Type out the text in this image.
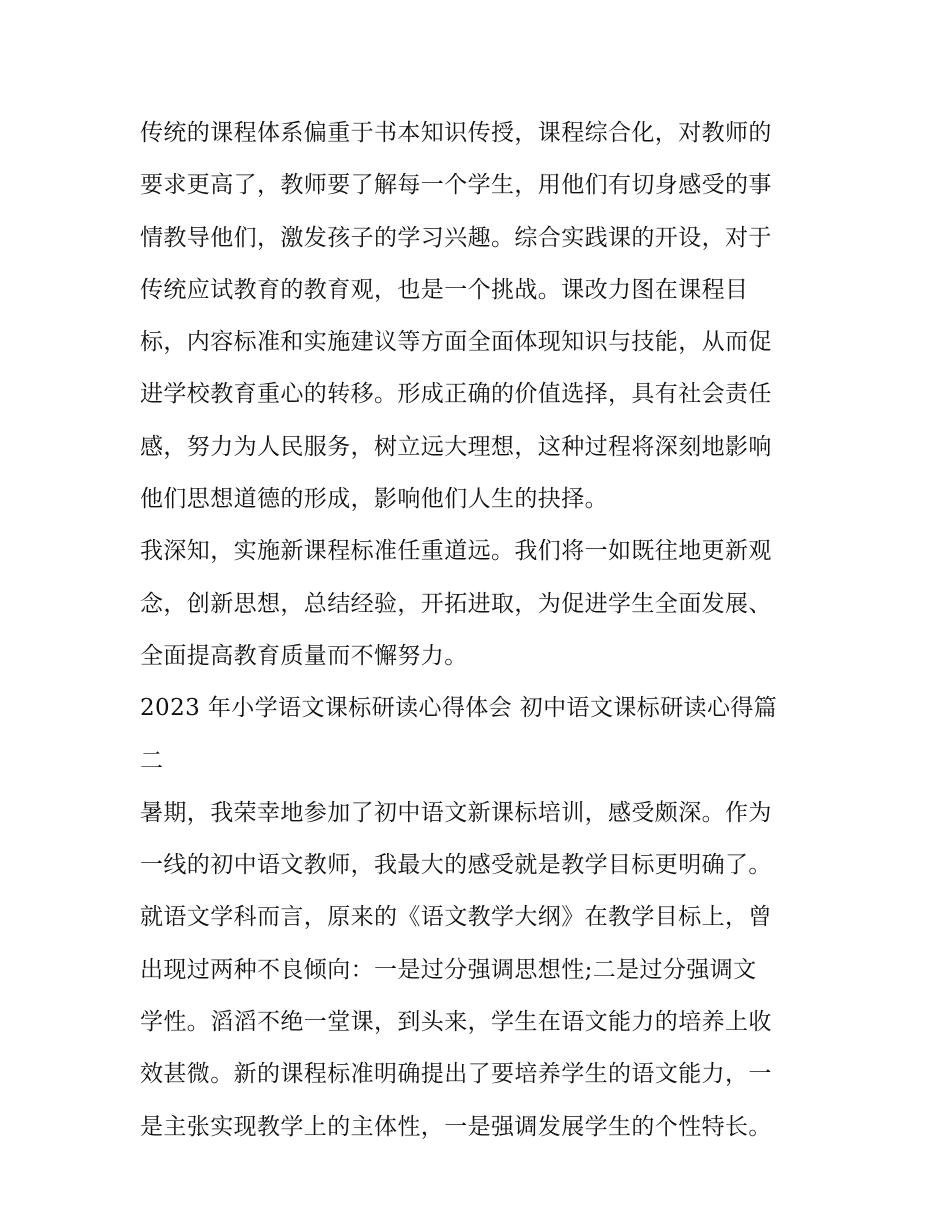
传统的课程体系偏重于书本知识传授，课程综合化，对教师的
要求更高了，教师要了解每一个学生，用他们有切身感受的事
情教导他们，激发孩子的学习兴趣。综合实践课的开设，对于
传统应试教育的教育观，也是一个挑战。课改力图在课程目
标，内容标准和实施建议等方面全面体现知识与技能，从而促
进学校教育重心的转移。形成正确的价值选择，具有社会责任
感，努力为人民服务，树立远大理想，这种过程将深刻地影响
他们思想道德的形成，影响他们人生的抉择。
我深知，实施新课程标准任重道远。我们将一如既往地更新观
念，创新思想，总结经验，开拓进取，为促进学生全面发展、
全面提高教育质量而不懈努力。
2023 年小学语文课标研读心得体会 初中语文课标研读心得篇
二
暑期，我荣幸地参加了初中语文新课标培训，感受颇深。作为
一线的初中语文教师，我最大的感受就是教学目标更明确了。
就语文学科而言，原来的《语文教学大纲》在教学目标上，曾
出现过两种不良倾向：一是过分强调思想性;二是过分强调文
学性。滔滔不绝一堂课，到头来，学生在语文能力的培养上收
效甚微。新的课程标准明确提出了要培养学生的语文能力，一
是主张实现教学上的主体性，一是强调发展学生的个性特长。
